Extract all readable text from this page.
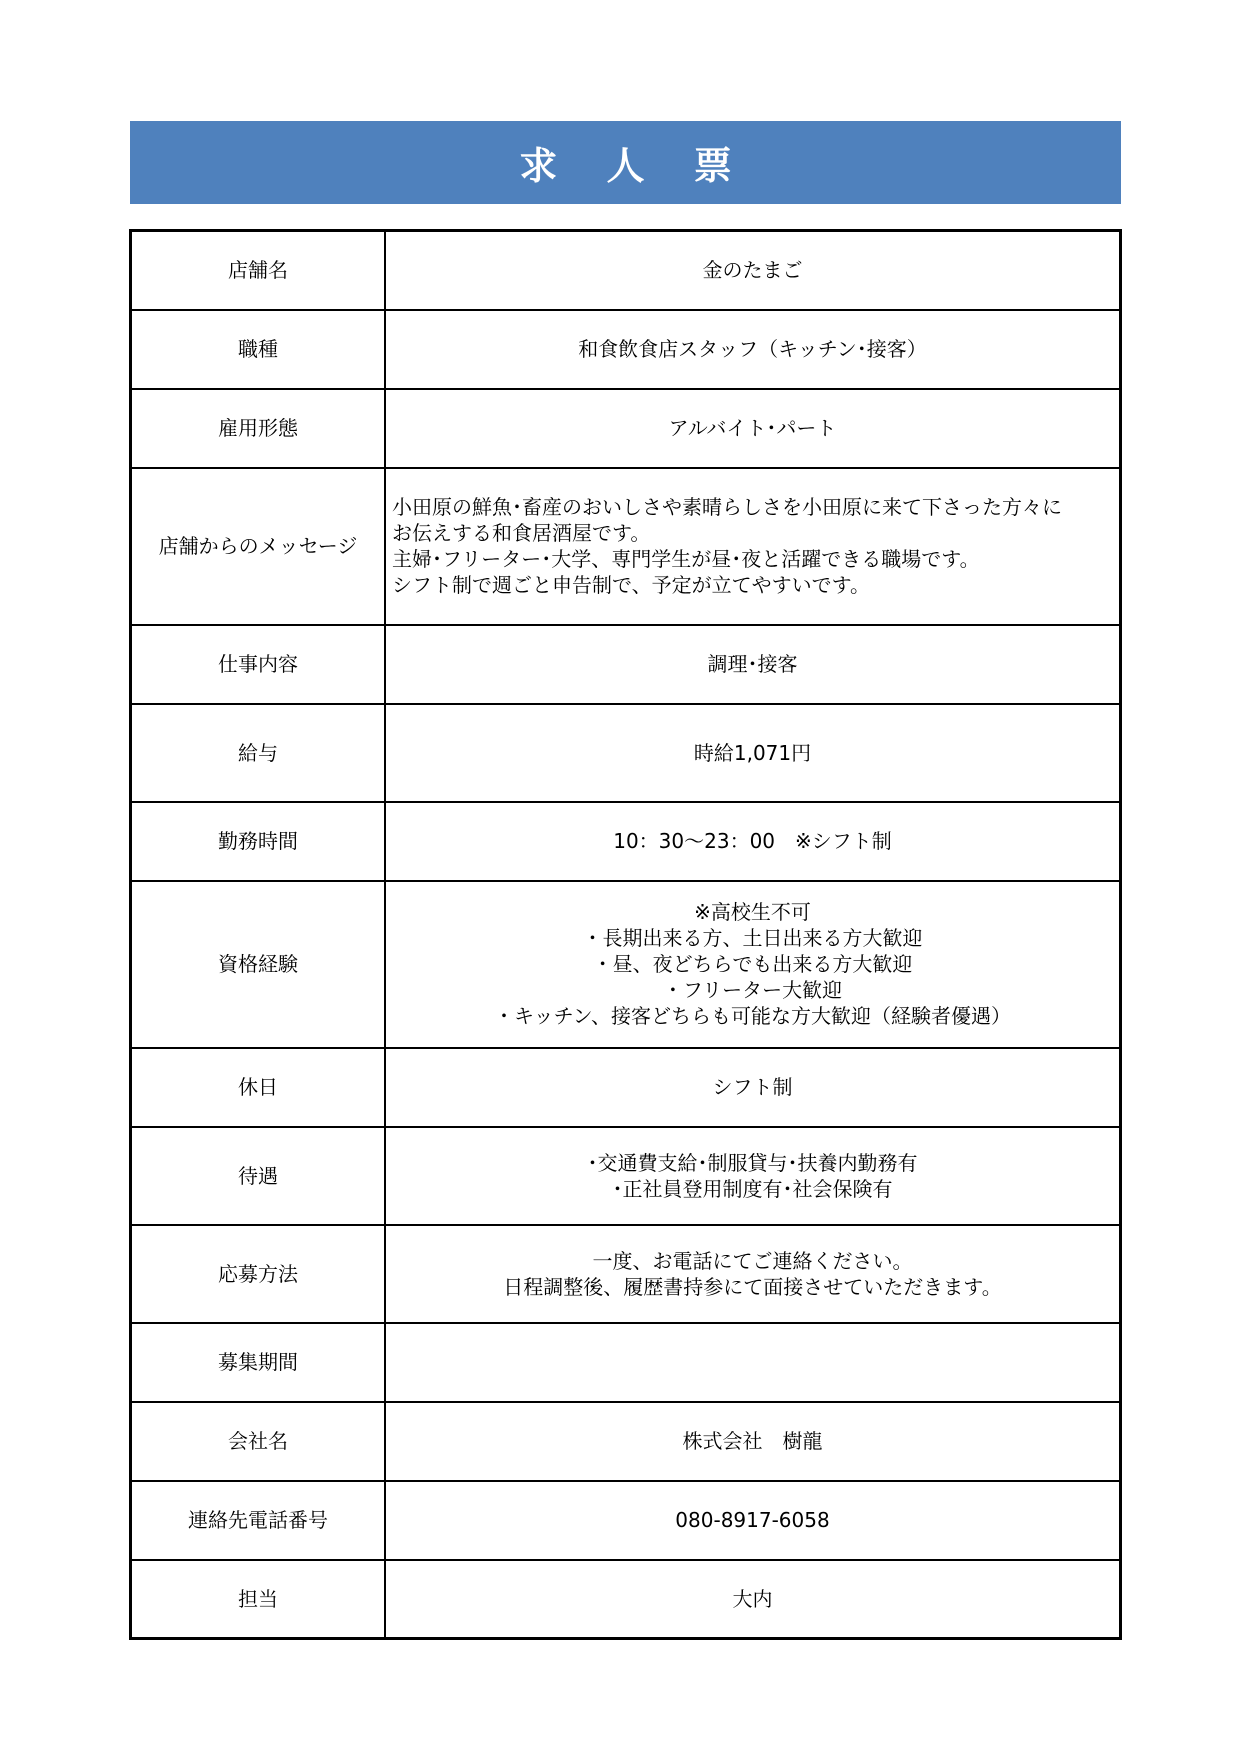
求 人 票
店舗名	金のたまご

職種	和食飲食店スタッフ（キッチン･接客）

雇用形態	アルバイト･パート

店舗からのメッセージ	小田原の鮮魚･畜産のおいしさや素晴らしさを小田原に来て下さった方々に
お伝えする和食居酒屋です。
主婦･フリーター･大学、専門学生が昼･夜と活躍できる職場です。
シフト制で週ごと申告制で、予定が立てやすいです。

仕事内容	調理･接客

給与	時給1,071円

勤務時間	10：30～23：00　※シフト制

資格経験	※高校生不可
・長期出来る方、土日出来る方大歓迎
・昼、夜どちらでも出来る方大歓迎
・フリーター大歓迎
・キッチン、接客どちらも可能な方大歓迎（経験者優遇）

休日	シフト制

待遇	･交通費支給･制服貸与･扶養内勤務有
･正社員登用制度有･社会保険有

応募方法	一度、お電話にてご連絡ください。
日程調整後、履歴書持参にて面接させていただきます。

募集期間	

会社名	株式会社　樹龍

連絡先電話番号	080-8917-6058

担当	大内
